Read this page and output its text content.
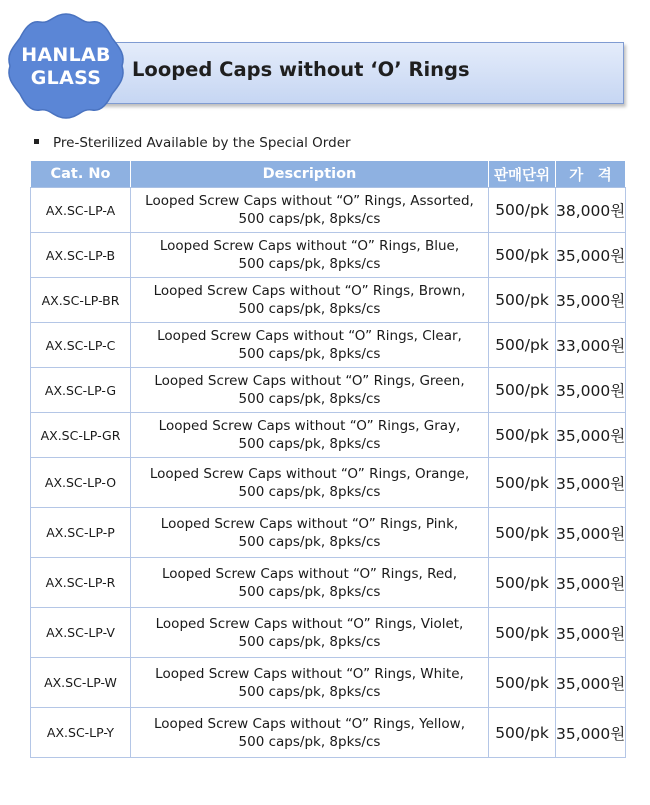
Looped Caps without ‘O’ Rings
HANLAB
GLASS
Pre-Sterilized Available by the Special Order
Cat. No	Description	판매단위	가　격
AX.SC-LP-A	Looped Screw Caps without “O” Rings, Assorted,
500 caps/pk, 8pks/cs	500/pk	38,000원
AX.SC-LP-B	Looped Screw Caps without “O” Rings, Blue,
500 caps/pk, 8pks/cs	500/pk	35,000원
AX.SC-LP-BR	Looped Screw Caps without “O” Rings, Brown,
500 caps/pk, 8pks/cs	500/pk	35,000원
AX.SC-LP-C	Looped Screw Caps without “O” Rings, Clear,
500 caps/pk, 8pks/cs	500/pk	33,000원
AX.SC-LP-G	Looped Screw Caps without “O” Rings, Green,
500 caps/pk, 8pks/cs	500/pk	35,000원
AX.SC-LP-GR	Looped Screw Caps without “O” Rings, Gray,
500 caps/pk, 8pks/cs	500/pk	35,000원
AX.SC-LP-O	Looped Screw Caps without “O” Rings, Orange,
500 caps/pk, 8pks/cs	500/pk	35,000원
AX.SC-LP-P	Looped Screw Caps without “O” Rings, Pink,
500 caps/pk, 8pks/cs	500/pk	35,000원
AX.SC-LP-R	Looped Screw Caps without “O” Rings, Red,
500 caps/pk, 8pks/cs	500/pk	35,000원
AX.SC-LP-V	Looped Screw Caps without “O” Rings, Violet,
500 caps/pk, 8pks/cs	500/pk	35,000원
AX.SC-LP-W	Looped Screw Caps without “O” Rings, White,
500 caps/pk, 8pks/cs	500/pk	35,000원
AX.SC-LP-Y	Looped Screw Caps without “O” Rings, Yellow,
500 caps/pk, 8pks/cs	500/pk	35,000원
